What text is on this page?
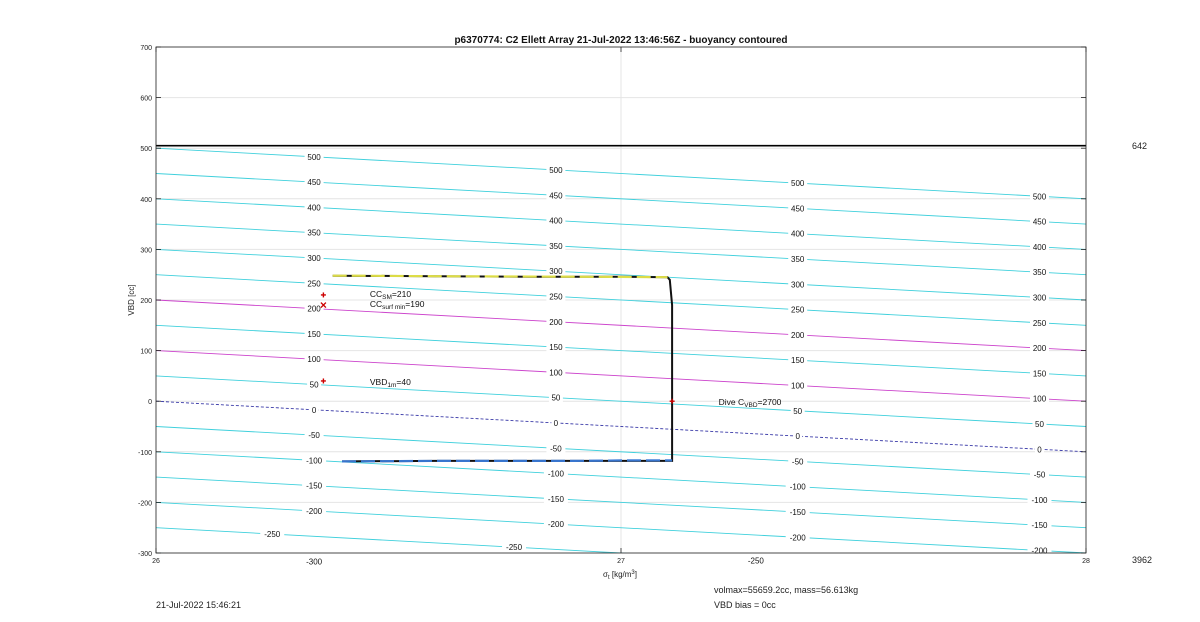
500
450
400
350
300
250
200
150
100
50
0
-50
-100
-150
-200
-250
-300
500
450
400
350
300
250
200
150
100
50
0
-50
-100
-150
-200
-250
500
450
400
350
300
250
200
150
100
50
0
-50
-100
-150
-200
-250
500
450
400
350
300
250
200
150
100
50
0
-50
-100
-150
-200
$CC_{SM}=210$
$CC_{surf min}=190$
$VBD_{1m}=40$
Dive $C_{VBD}=2700$
-300
-200
-100
0
100
200
300
400
500
600
700
26	27	28
p6370774: C2 Ellett Array 21-Jul-2022 13:46:56Z - buoyancy contoured
$\sigma_t$ $[kg/m^3]$
VBD [cc]
642
3962
21-Jul-2022 15:46:21
volmax=55659.2cc, mass=56.613kg
VBD bias = 0cc
